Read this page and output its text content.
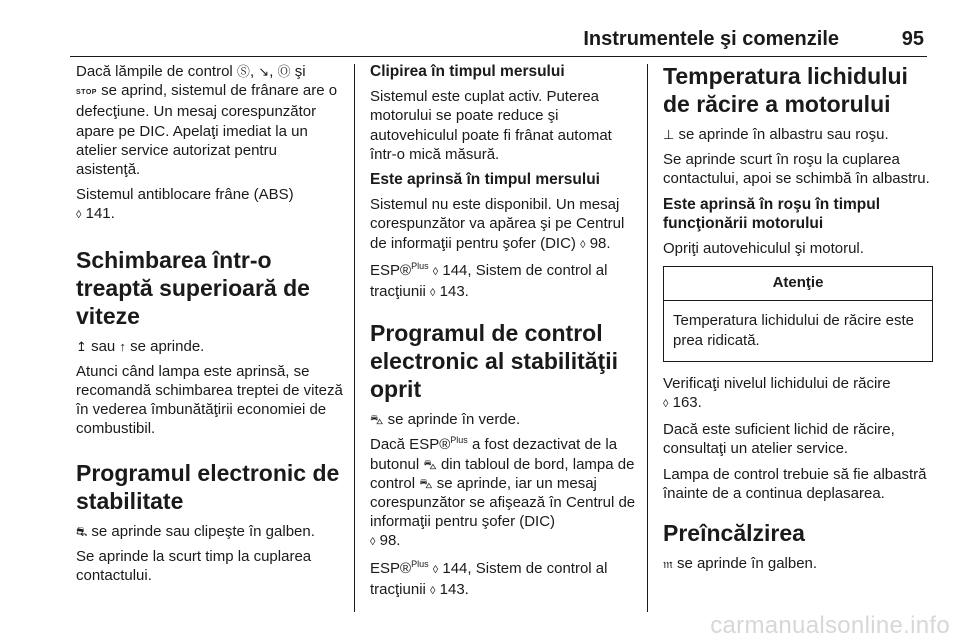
Instrumentele şi comenzile	95

Dacă lămpile de control Ⓢ, ↘, Ⓞ şi
STOP se aprind, sistemul de frânare are o defecţiune. Un mesaj corespunzător apare pe DIC. Apelaţi imediat la un atelier service autorizat pentru asistenţă.

Sistemul antiblocare frâne (ABS)
◊ 141.

Schimbarea într-o treaptă superioară de viteze

↥ sau ↑ se aprinde.

Atunci când lampa este aprinsă, se recomandă schimbarea treptei de viteză în vederea îmbunătăţirii economiei de combustibil.

Programul electronic de stabilitate

⛐ se aprinde sau clipeşte în galben.

Se aprinde la scurt timp la cuplarea contactului.

Clipirea în timpul mersului

Sistemul este cuplat activ. Puterea motorului se poate reduce şi autovehiculul poate fi frânat automat într-o mică măsură.

Este aprinsă în timpul mersului

Sistemul nu este disponibil. Un mesaj corespunzător va apărea şi pe Centrul de informaţii pentru şofer (DIC) ◊ 98.

ESP®$^{Plus}$ ◊ 144, Sistem de control al tracţiunii ◊ 143.

Programul de control electronic al stabilităţii oprit

⛍ se aprinde în verde.

Dacă ESP®$^{Plus}$ a fost dezactivat de la butonul ⛍ din tabloul de bord, lampa de control ⛍ se aprinde, iar un mesaj corespunzător se afişează în Centrul de informaţii pentru şofer (DIC)
◊ 98.

ESP®$^{Plus}$ ◊ 144, Sistem de control al tracţiunii ◊ 143.

Temperatura lichidului de răcire a motorului

⊥ se aprinde în albastru sau roşu.

Se aprinde scurt în roşu la cuplarea contactului, apoi se schimbă în albastru.

Este aprinsă în roşu în timpul funcţionării motorului

Opriţi autovehiculul şi motorul.

Atenţie
Temperatura lichidului de răcire este prea ridicată.

Verificaţi nivelul lichidului de răcire
◊ 163.

Dacă este suficient lichid de răcire, consultaţi un atelier service.

Lampa de control trebuie să fie albastră înainte de a continua deplasarea.

Preîncălzirea

𝔪 se aprinde în galben.

carmanualsonline.info
